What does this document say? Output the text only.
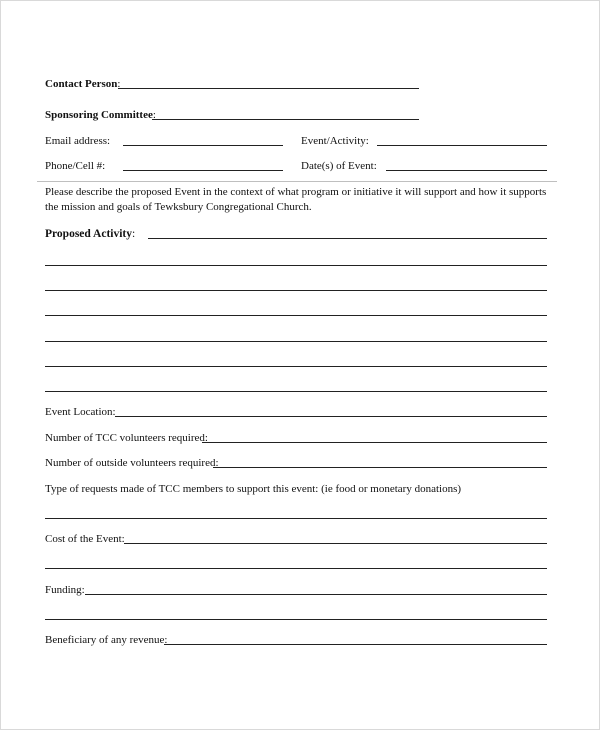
Contact Person:
Sponsoring Committee:
Email address:	Event/Activity:
Phone/Cell #:	Date(s) of Event:
Please describe the proposed Event in the context of what program or initiative it will support and how it supports the mission and goals of Tewksbury Congregational Church.
Proposed Activity:
Event Location:
Number of TCC volunteers required:
Number of outside volunteers required:
Type of requests made of TCC members to support this event: (ie food or monetary donations)
Cost of the Event:
Funding:
Beneficiary of any revenue:
